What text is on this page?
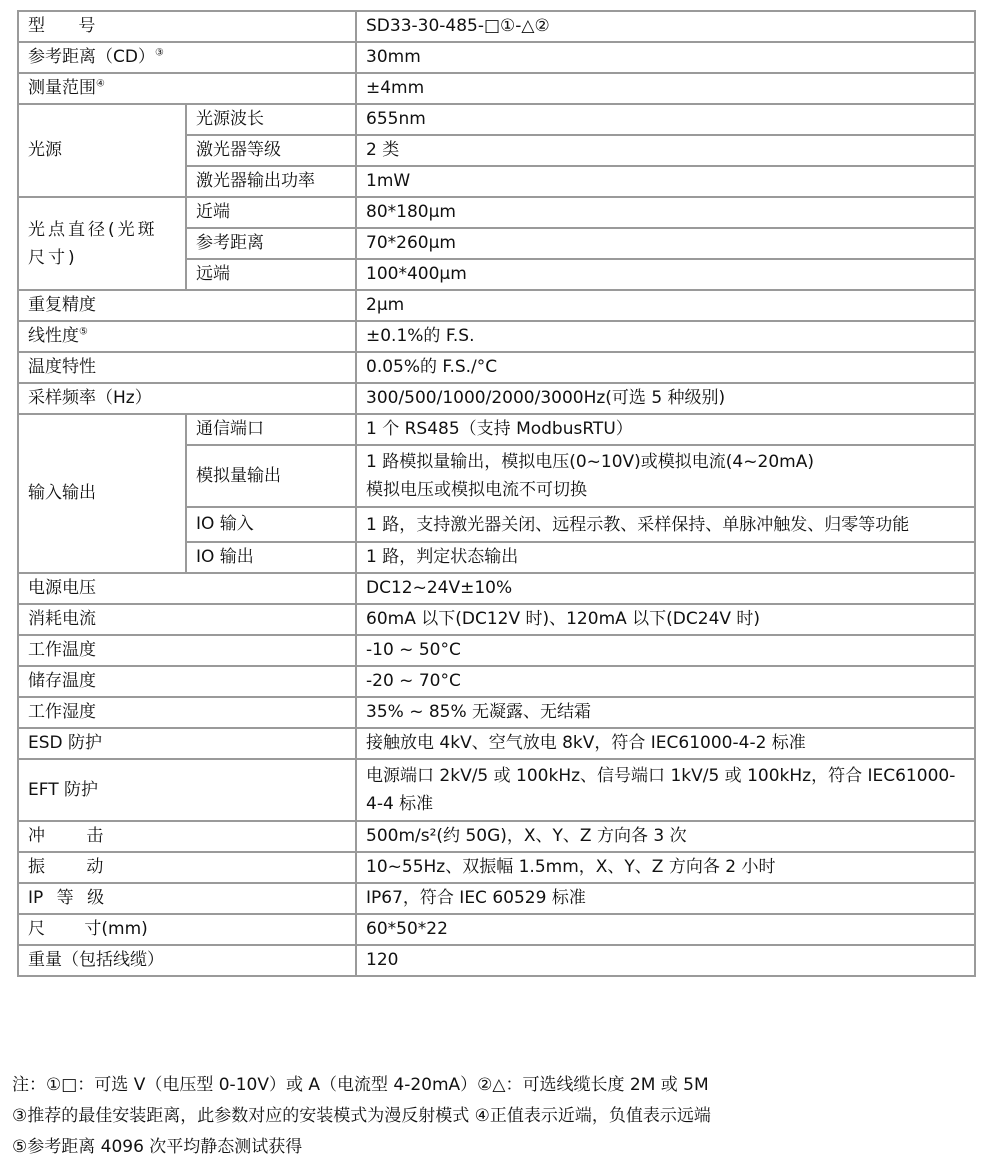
型 号		SD33-30-485-□①-△②
参考距离（CD）③		30mm
测量范围④		±4mm
光源	光源波长	655nm
	激光器等级	2 类
	激光器输出功率	1mW
光点直径(光斑尺寸)	近端	80*180μm
	参考距离	70*260μm
	远端	100*400μm
重复精度		2μm
线性度⑤		±0.1%的 F.S.
温度特性		0.05%的 F.S./°C
采样频率（Hz）		300/500/1000/2000/3000Hz(可选 5 种级别)
输入输出	通信端口	1 个 RS485（支持 ModbusRTU）
	模拟量输出	1 路模拟量输出，模拟电压(0~10V)或模拟电流(4~20mA)
模拟电压或模拟电流不可切换

	IO 输入	1 路，支持激光器关闭、远程示教、采样保持、单脉冲触发、归零等功能
	IO 输出	1 路，判定状态输出
电源电压		DC12~24V±10%
消耗电流		60mA 以下(DC12V 时)、120mA 以下(DC24V 时)
工作温度		-10 ~ 50°C
储存温度		-20 ~ 70°C
工作湿度		35% ~ 85% 无凝露、无结霜
ESD 防护		接触放电 4kV、空气放电 8kV，符合 IEC61000-4-2 标准
EFT 防护		电源端口 2kV/5 或 100kHz、信号端口 1kV/5 或 100kHz，符合 IEC61000-4-4 标准
冲 击		500m/s²(约 50G)，X、Y、Z 方向各 3 次
振 动		10~55Hz、双振幅 1.5mm，X、Y、Z 方向各 2 小时
IP 等 级		IP67，符合 IEC 60529 标准
尺 寸(mm)		60*50*22
重量（包括线缆）		120
注：①□：可选 V（电压型 0-10V）或 A（电流型 4-20mA）②△：可选线缆长度 2M 或 5M
③推荐的最佳安装距离，此参数对应的安装模式为漫反射模式 ④正值表示近端，负值表示远端
⑤参考距离 4096 次平均静态测试获得
